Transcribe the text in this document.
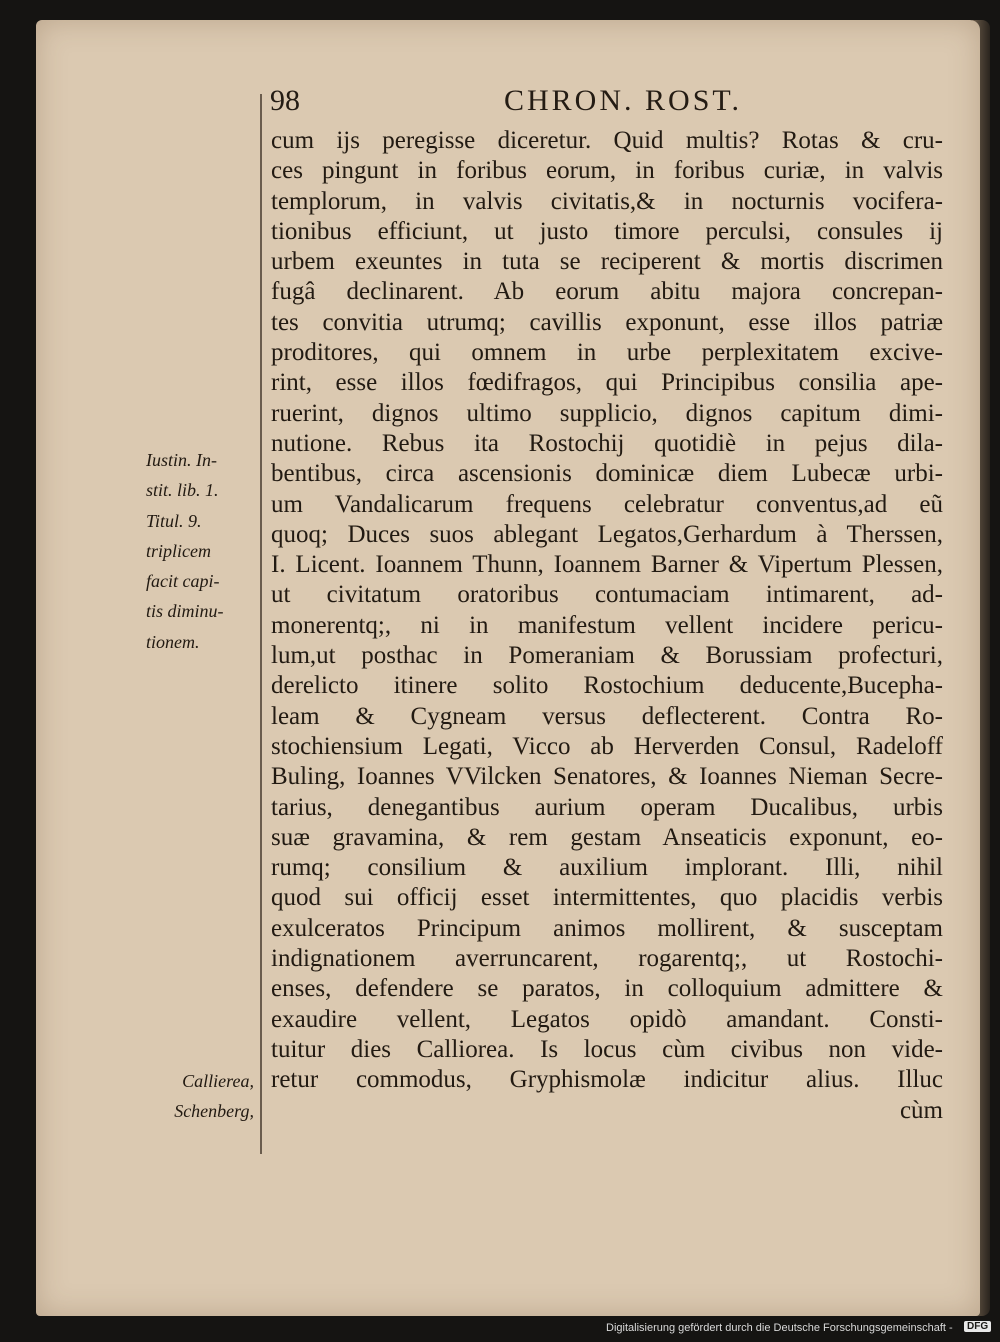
98	CHRON. ROST.
cum ijs peregisse diceretur. Quid multis? Rotas & cru-
ces pingunt in foribus eorum, in foribus curiæ, in valvis
templorum, in valvis civitatis,& in nocturnis vociferа-
tionibus efficiunt, ut justo timore perculsi, consules ij
urbem exeuntes in tuta se reciperent & mortis discrimen
fugâ declinarent. Ab eorum abitu majora concrepan-
tes convitia utrumq; cavillis exponunt, esse illos patriæ
proditores, qui omnem in urbe perplexitatem excive-
rint, esse illos fœdifragos, qui Principibus consilia ape-
ruerint, dignos ultimo supplicio, dignos capitum dimi-
nutione. Rebus ita Rostochij quotidiè in pejus dila-
bentibus, circa ascensionis dominicæ diem Lubecæ urbi-
um Vandalicarum frequens celebratur conventus,ad eũ
quoq; Duces suos ablegant Legatos,Gerhardum à Therssen,
I. Licent. Ioannem Thunn, Ioannem Barner & Vipertum Plessen,
ut civitatum oratoribus contumaciam intimarent, ad-
monerentq;, ni in manifestum vellent incidere pericu-
lum,ut posthac in Pomeraniam & Borussiam profecturi,
derelicto itinere solito Rostochium deducente,Bucepha-
leam & Cygneam versus deflecterent. Contra Ro-
stochiensium Legati, Vicco ab Herverden Consul, Radeloff
Buling, Ioannes VVilcken Senatores, & Ioannes Nieman Secre-
tarius, denegantibus aurium operam Ducalibus, urbis
suæ gravamina, & rem gestam Anseaticis exponunt, eo-
rumq; consilium & auxilium implorant. Illi, nihil
quod sui officij esset intermittentes, quo placidis verbis
exulceratos Principum animos mollirent, & susceptam
indignationem averruncarent, rogarentq;, ut Rostochi-
enses, defendere se paratos, in colloquium admittere &
exaudire vellent, Legatos opidò amandant. Consti-
tuitur dies Calliorea. Is locus cùm civibus non vide-
retur commodus, Gryphismolæ indicitur alius. Illuc
cùm
Iustin. In-
stit. lib. 1.
Titul. 9.
triplicem
facit capi-
tis diminu-
tionem.
Callierea,
Schenberg,
Digitalisierung gefördert durch die Deutsche Forschungsgemeinschaft -	DFG
